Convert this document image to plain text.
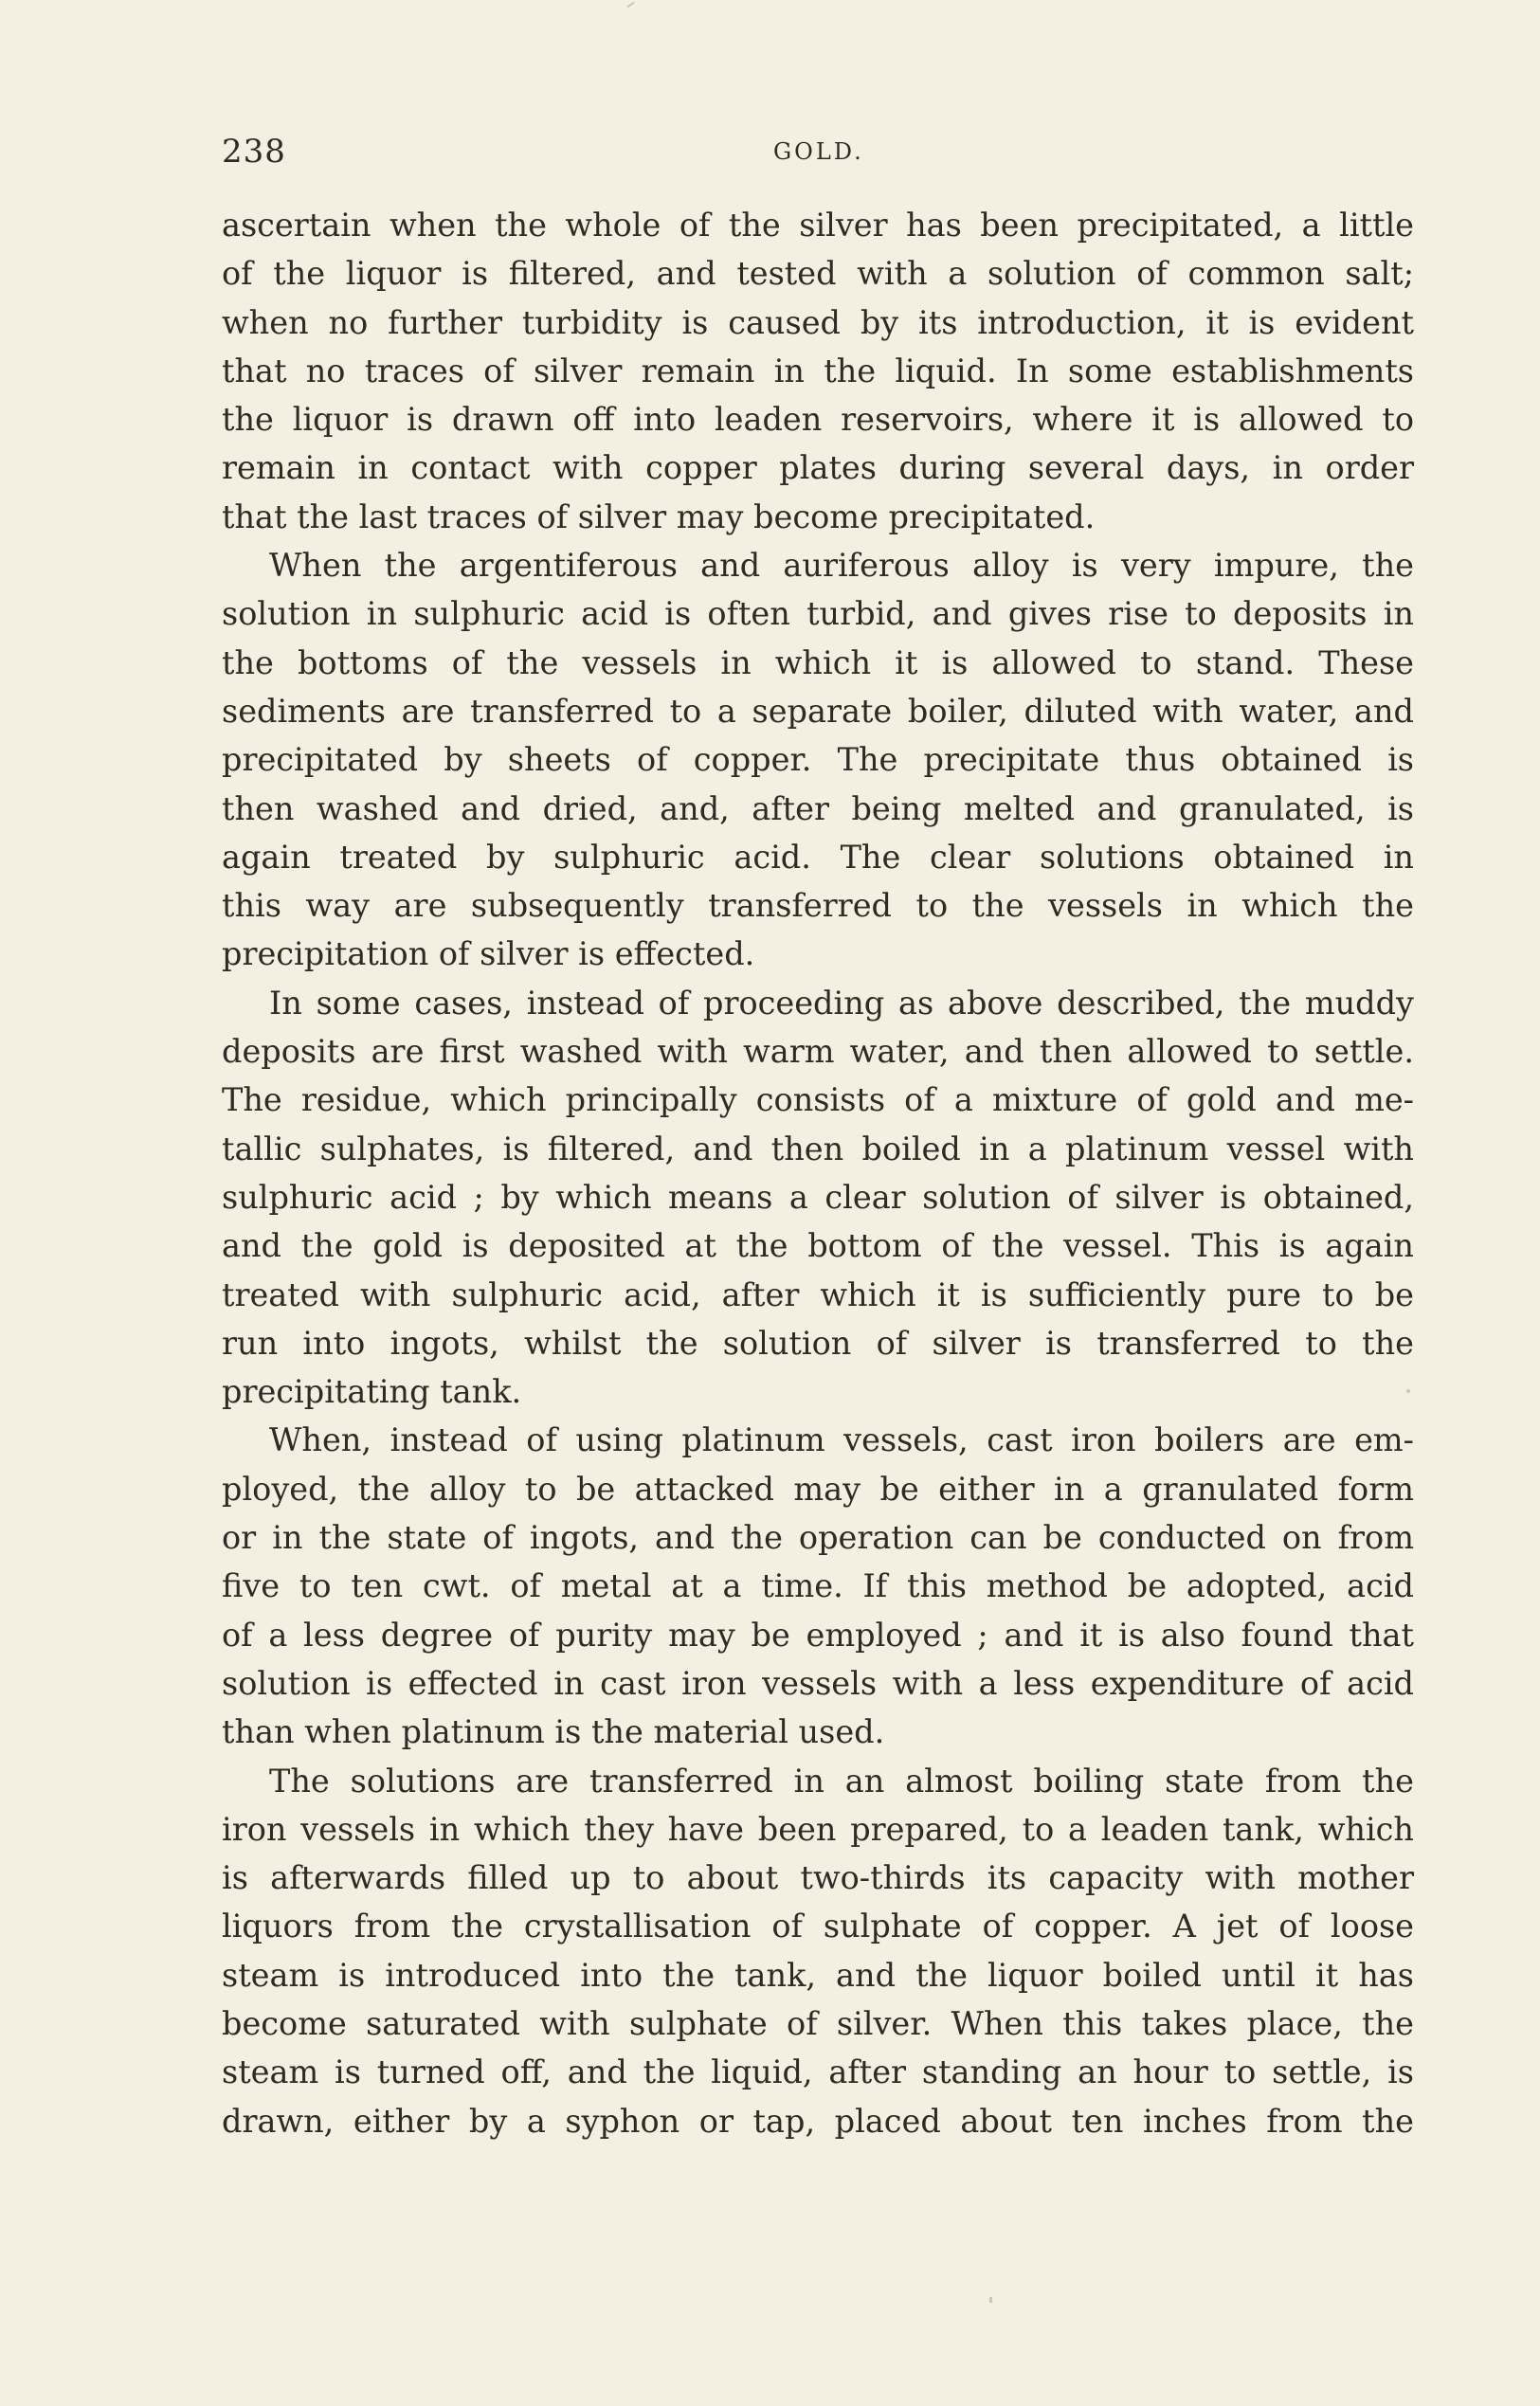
238	GOLD.
ascertain when the whole of the silver has been precipitated, a little
of the liquor is filtered, and tested with a solution of common salt;
when no further turbidity is caused by its introduction, it is evident
that no traces of silver remain in the liquid. In some establishments
the liquor is drawn off into leaden reservoirs, where it is allowed to
remain in contact with copper plates during several days, in order
that the last traces of silver may become precipitated.
When the argentiferous and auriferous alloy is very impure, the
solution in sulphuric acid is often turbid, and gives rise to deposits in
the bottoms of the vessels in which it is allowed to stand. These
sediments are transferred to a separate boiler, diluted with water, and
precipitated by sheets of copper. The precipitate thus obtained is
then washed and dried, and, after being melted and granulated, is
again treated by sulphuric acid. The clear solutions obtained in
this way are subsequently transferred to the vessels in which the
precipitation of silver is effected.
In some cases, instead of proceeding as above described, the muddy
deposits are first washed with warm water, and then allowed to settle.
The residue, which principally consists of a mixture of gold and me-
tallic sulphates, is filtered, and then boiled in a platinum vessel with
sulphuric acid ; by which means a clear solution of silver is obtained,
and the gold is deposited at the bottom of the vessel. This is again
treated with sulphuric acid, after which it is sufficiently pure to be
run into ingots, whilst the solution of silver is transferred to the
precipitating tank.
When, instead of using platinum vessels, cast iron boilers are em-
ployed, the alloy to be attacked may be either in a granulated form
or in the state of ingots, and the operation can be conducted on from
five to ten cwt. of metal at a time. If this method be adopted, acid
of a less degree of purity may be employed ; and it is also found that
solution is effected in cast iron vessels with a less expenditure of acid
than when platinum is the material used.
The solutions are transferred in an almost boiling state from the
iron vessels in which they have been prepared, to a leaden tank, which
is afterwards filled up to about two-thirds its capacity with mother
liquors from the crystallisation of sulphate of copper. A jet of loose
steam is introduced into the tank, and the liquor boiled until it has
become saturated with sulphate of silver. When this takes place, the
steam is turned off, and the liquid, after standing an hour to settle, is
drawn, either by a syphon or tap, placed about ten inches from the
